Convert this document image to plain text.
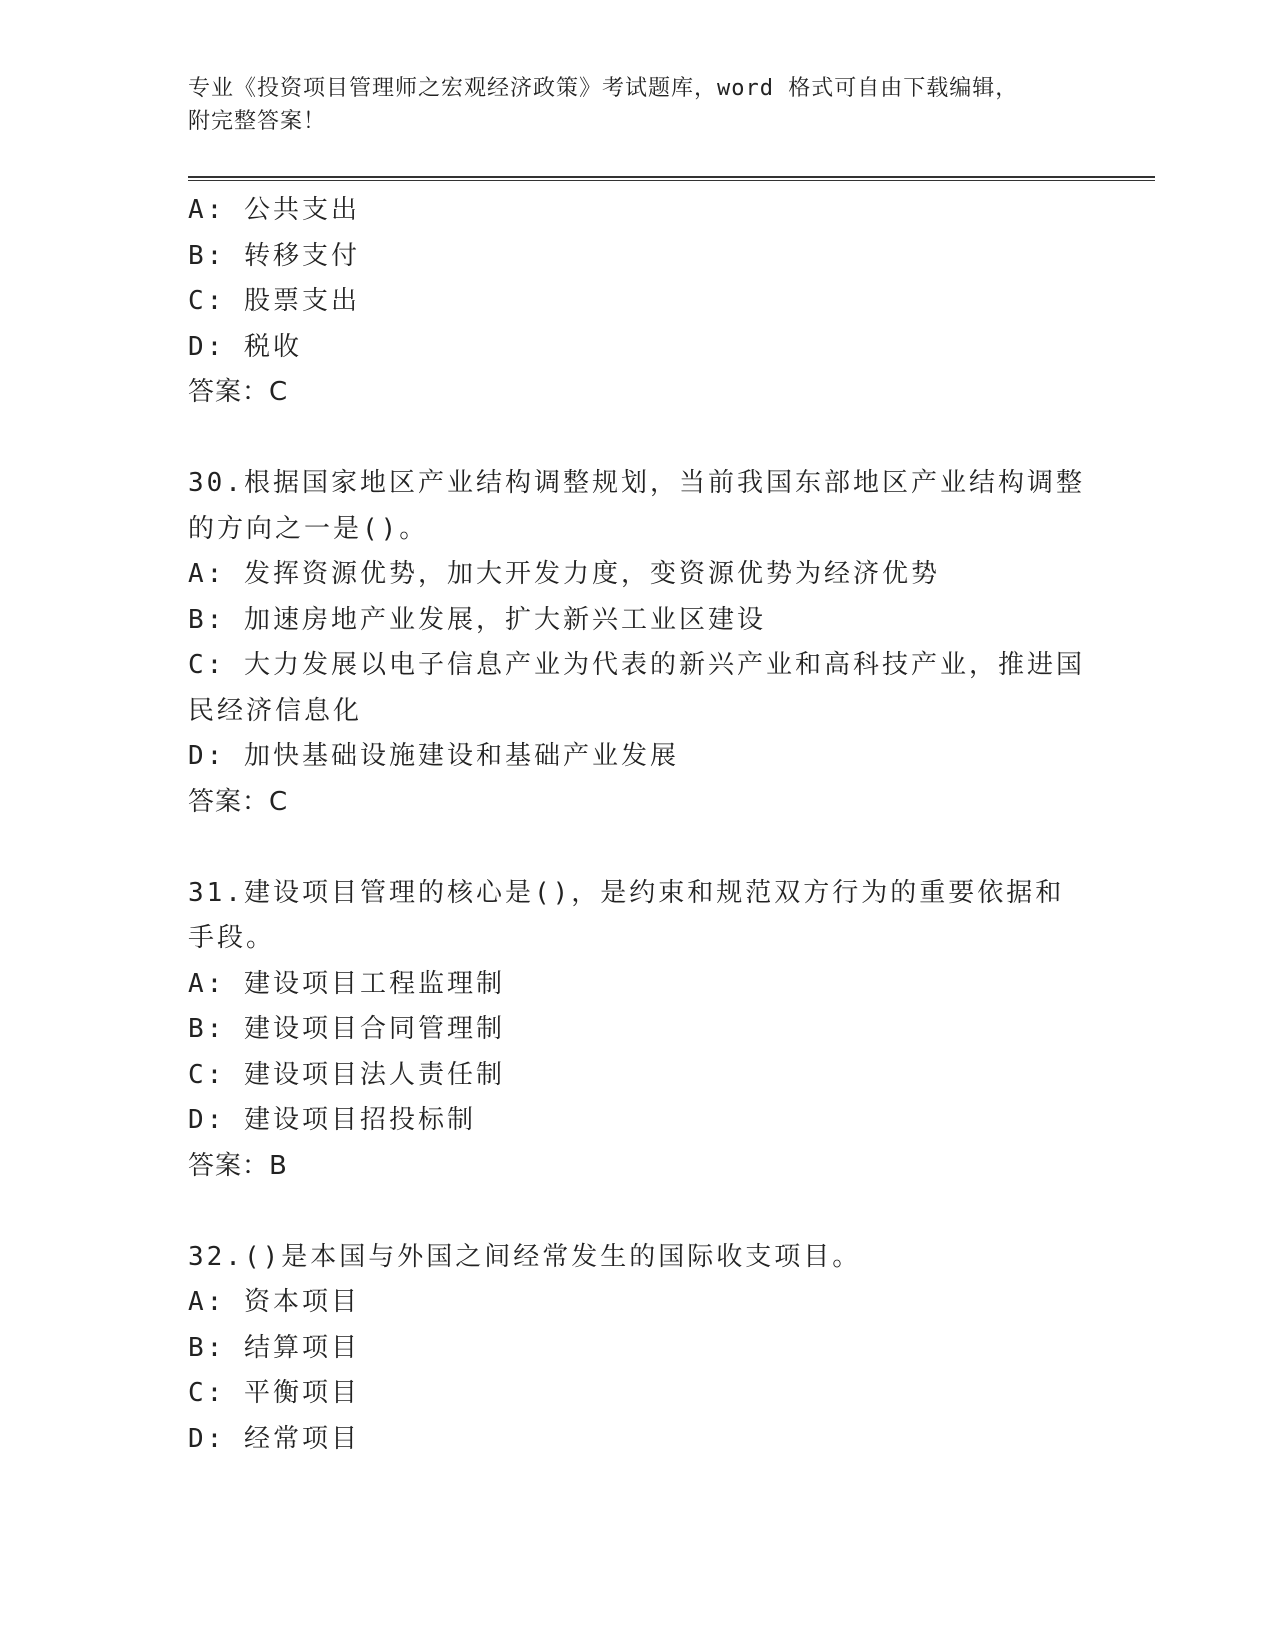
专业《投资项目管理师之宏观经济政策》考试题库，word 格式可自由下载编辑，
附完整答案！
A: 公共支出
B: 转移支付
C: 股票支出
D: 税收
答案：C
30.根据国家地区产业结构调整规划，当前我国东部地区产业结构调整的方向之一是()。
A: 发挥资源优势，加大开发力度，变资源优势为经济优势
B: 加速房地产业发展，扩大新兴工业区建设
C: 大力发展以电子信息产业为代表的新兴产业和高科技产业，推进国民经济信息化
D: 加快基础设施建设和基础产业发展
答案：C
31.建设项目管理的核心是()，是约束和规范双方行为的重要依据和手段。
A: 建设项目工程监理制
B: 建设项目合同管理制
C: 建设项目法人责任制
D: 建设项目招投标制
答案：B
32.()是本国与外国之间经常发生的国际收支项目。
A: 资本项目
B: 结算项目
C: 平衡项目
D: 经常项目
